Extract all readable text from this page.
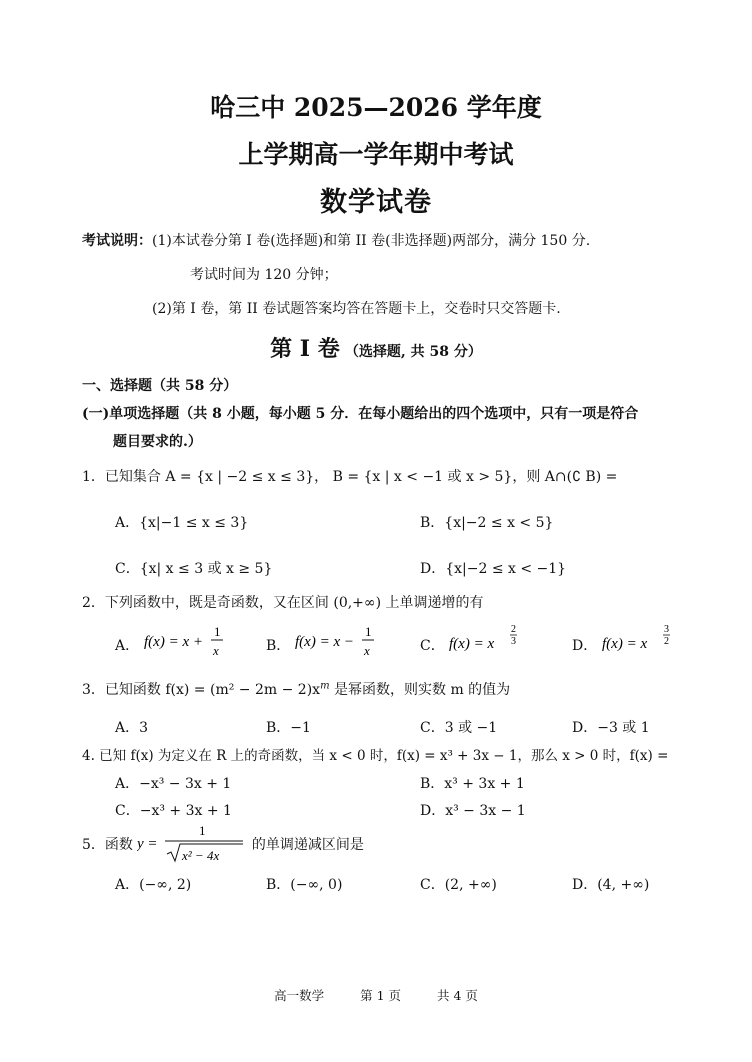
哈三中 2025—2026 学年度
上学期高一学年期中考试
数学试卷
考试说明：(1)本试卷分第 I 卷(选择题)和第 II 卷(非选择题)两部分，满分 150 分.
考试时间为 120 分钟；
(2)第 I 卷，第 II 卷试题答案均答在答题卡上，交卷时只交答题卡.
第 I 卷 （选择题, 共 58 分）
一、选择题（共 58 分）
(一)单项选择题（共 8 小题，每小题 5 分．在每小题给出的四个选项中，只有一项是符合
题目要求的.）
1．已知集合 A = {x | −2 ≤ x ≤ 3}， B = {x | x < −1 或 x > 5}，则 A∩(∁ B) =
A．{x|−1 ≤ x ≤ 3}	B．{x|−2 ≤ x < 5}
C．{x| x ≤ 3 或 x ≥ 5}	D．{x|−2 ≤ x < −1}
2．下列函数中，既是奇函数，又在区间 (0,+∞) 上单调递增的有
A． f(x) = x +
1
x	B． f(x) = x −
1
x	C． f(x) = x
2
3	D． f(x) = x
3
2
3．已知函数 $f(x) = (m^2 - 2m - 2)x^m$ 是幂函数，则实数 m 的值为
A．3	B．−1	C．3 或 −1	D．−3 或 1
4. 已知 f(x) 为定义在 R 上的奇函数，当 x < 0 时，f(x) = x³ + 3x − 1，那么 x > 0 时，f(x) =
A．−x³ − 3x + 1	B．x³ + 3x + 1
C．−x³ + 3x + 1	D．x³ − 3x − 1
5．函数 y =
1
x² − 4x
的单调递减区间是
A．(−∞, 2)	B．(−∞, 0)	C．(2, +∞)	D．(4, +∞)
高一数学	第 1 页	共 4 页
